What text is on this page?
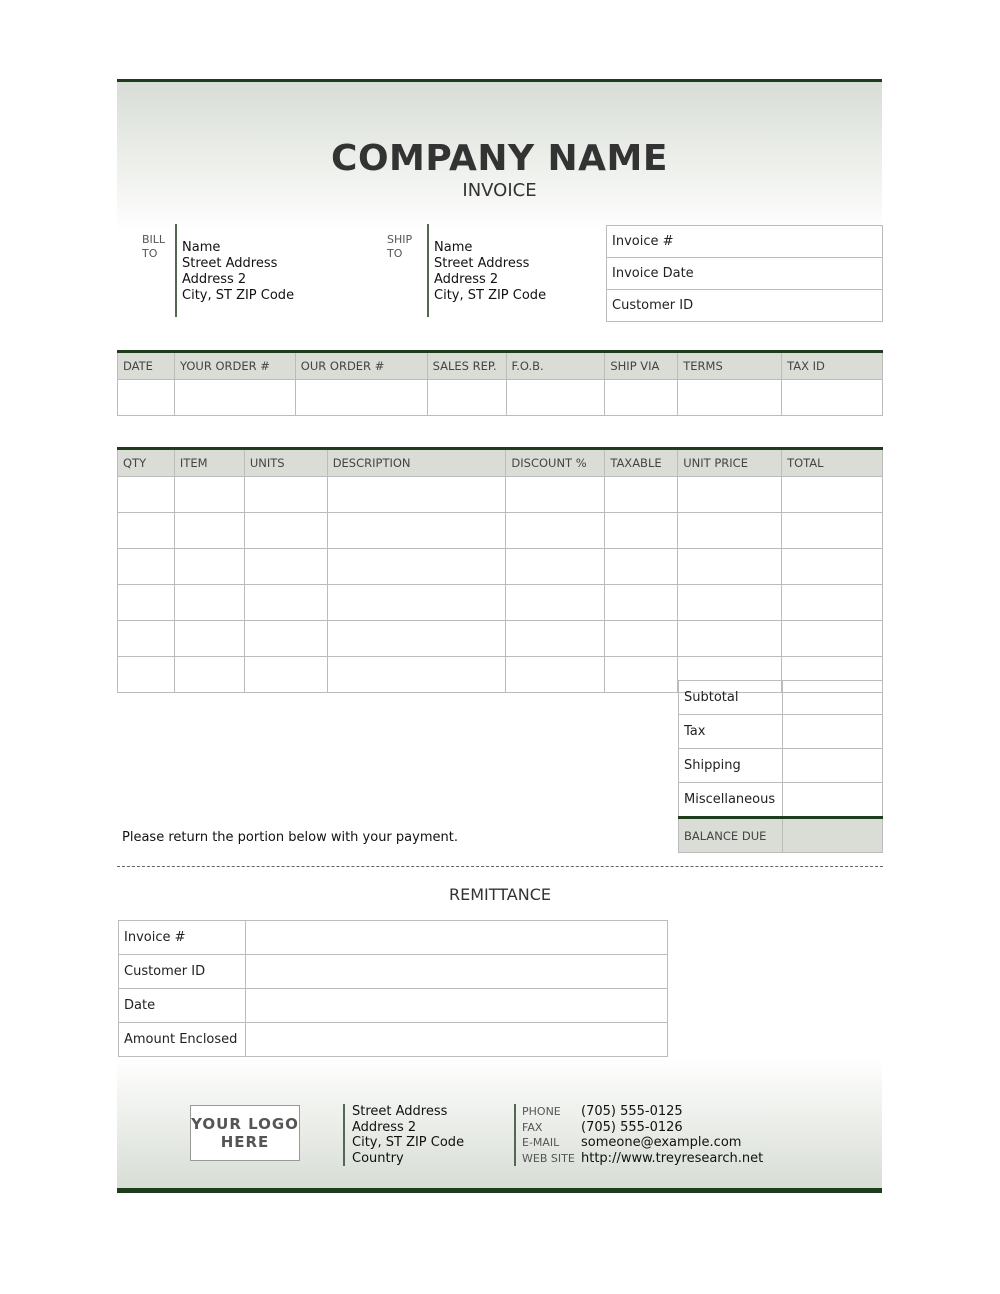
COMPANY NAME
INVOICE
BILL
TO	Name
Street Address
Address 2
City, ST ZIP Code
SHIP
TO	Name
Street Address
Address 2
City, ST ZIP Code
Invoice #
Invoice Date
Customer ID
DATE	YOUR ORDER #	OUR ORDER #	SALES REP.	F.O.B.	SHIP VIA	TERMS	TAX ID

QTY	ITEM	UNITS	DESCRIPTION	DISCOUNT %	TAXABLE	UNIT PRICE	TOTAL

Subtotal	
Tax	
Shipping	
Miscellaneous	
BALANCE DUE	
Please return the portion below with your payment.
REMITTANCE
Invoice #	
Customer ID	
Date	
Amount Enclosed	
YOUR LOGO
HERE
Street Address
Address 2
City, ST ZIP Code
Country
PHONE	(705) 555-0125
FAX	(705) 555-0126
E-MAIL	someone@example.com
WEB SITE http://www.treyresearch.net
